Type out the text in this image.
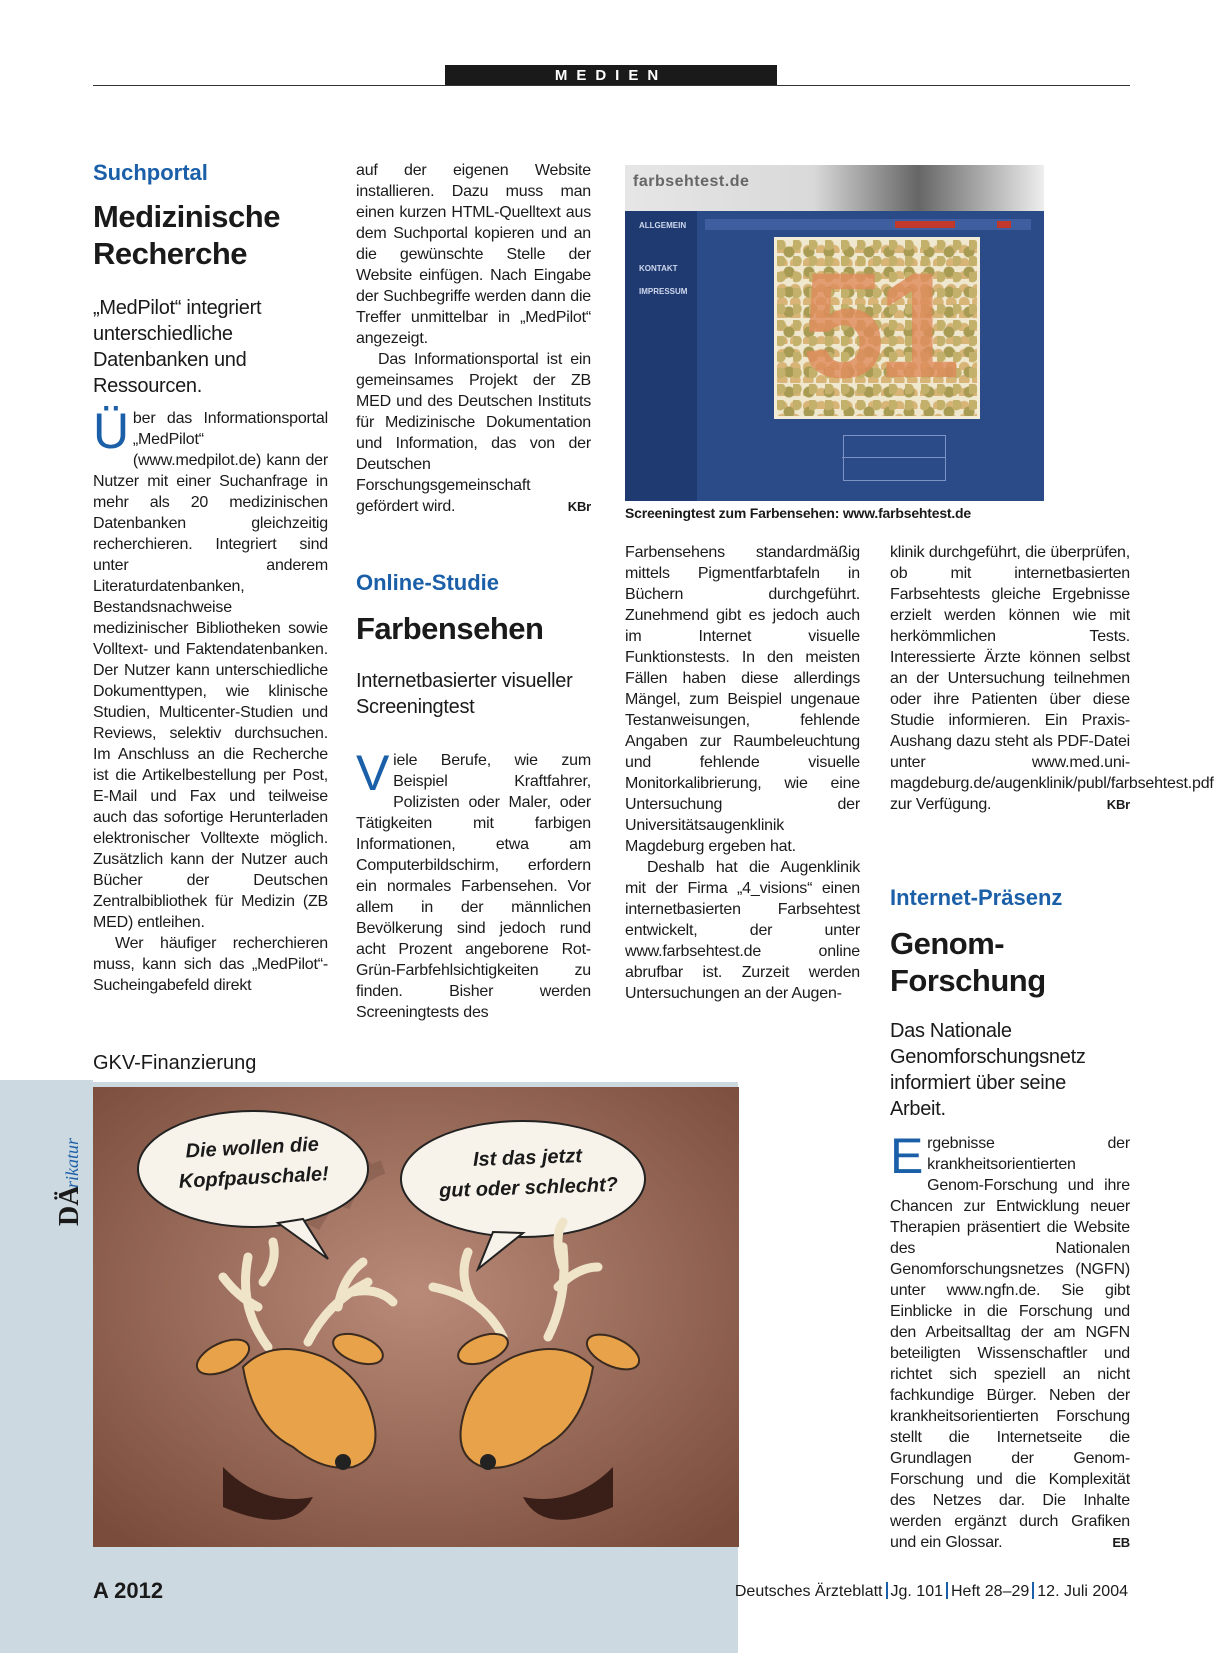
MEDIEN
Suchportal
Medizinische
Recherche
„MedPilot“ integriert unterschiedliche Datenbanken und Ressourcen.

Über das Informationsportal „MedPilot“ (www.medpilot.de) kann der Nutzer mit einer Suchanfrage in mehr als 20 medizinischen Datenbanken gleichzeitig recherchieren. Integriert sind unter anderem Literaturdatenbanken, Bestandsnachweise medizinischer Bibliotheken sowie Volltext- und Faktendatenbanken. Der Nutzer kann unterschiedliche Dokumenttypen, wie klinische Studien, Multicenter-Studien und Reviews, selektiv durchsuchen. Im Anschluss an die Recherche ist die Artikelbestellung per Post, E-Mail und Fax und teilweise auch das sofortige Herunterladen elektronischer Volltexte möglich. Zusätzlich kann der Nutzer auch Bücher der Deutschen Zentralbibliothek für Medizin (ZB MED) entleihen.

Wer häufiger recherchieren muss, kann sich das „MedPilot“-Sucheingabefeld direkt

auf der eigenen Website installieren. Dazu muss man einen kurzen HTML-Quelltext aus dem Suchportal kopieren und an die gewünschte Stelle der Website einfügen. Nach Eingabe der Suchbegriffe werden dann die Treffer unmittelbar in „MedPilot“ angezeigt.

Das Informationsportal ist ein gemeinsames Projekt der ZB MED und des Deutschen Instituts für Medizinische Dokumentation und Information, das von der Deutschen Forschungsgemeinschaft gefördert wird.	KBr

Online-Studie
Farbensehen
Internetbasierter visueller Screeningtest

Viele Berufe, wie zum Beispiel Kraftfahrer, Polizisten oder Maler, oder Tätigkeiten mit farbigen Informationen, etwa am Computerbildschirm, erfordern ein normales Farbensehen. Vor allem in der männlichen Bevölkerung sind jedoch rund acht Prozent angeborene Rot-Grün-Farbfehlsichtigkeiten zu finden. Bisher werden Screeningtests des

Farbensehens standardmäßig mittels Pigmentfarbtafeln in Büchern durchgeführt. Zunehmend gibt es jedoch auch im Internet visuelle Funktionstests. In den meisten Fällen haben diese allerdings Mängel, zum Beispiel ungenaue Testanweisungen, fehlende Angaben zur Raumbeleuchtung und fehlende visuelle Monitorkalibrierung, wie eine Untersuchung der Universitätsaugenklinik Magdeburg ergeben hat.

Deshalb hat die Augenklinik mit der Firma „4_visions“ einen internetbasierten Farbsehtest entwickelt, der unter www.farbsehtest.de online abrufbar ist. Zurzeit werden Untersuchungen an der Augen-

klinik durchgeführt, die überprüfen, ob mit internetbasierten Farbsehtests gleiche Ergebnisse erzielt werden können wie mit herkömmlichen Tests. Interessierte Ärzte können selbst an der Untersuchung teilnehmen oder ihre Patienten über diese Studie informieren. Ein Praxis-Aushang dazu steht als PDF-Datei unter www.med.uni-magdeburg.de/augenklinik/publ/farbsehtest.pdf zur Verfügung.	KBr

farbsehtest.de
ALLGEMEIN
KONTAKT
IMPRESSUM 51
Screeningtest zum Farbensehen: www.farbsehtest.de
Internet-Präsenz
Genom-
Forschung
Das Nationale Genomforschungsnetz informiert über seine Arbeit.

Ergebnisse der krankheitsorientierten Genom-Forschung und ihre Chancen zur Entwicklung neuer Therapien präsentiert die Website des Nationalen Genomforschungsnetzes (NGFN) unter www.ngfn.de. Sie gibt Einblicke in die Forschung und den Arbeitsalltag der am NGFN beteiligten Wissenschaftler und richtet sich speziell an nicht fachkundige Bürger. Neben der krankheitsorientierten Forschung stellt die Internetseite die Grundlagen der Genom-Forschung und die Komplexität des Netzes dar. Die Inhalte werden ergänzt durch Grafiken und ein Glossar.	EB

GKV-Finanzierung
DÄ
rikatur	Die wollen die
Kopfpauschale!
Ist das jetzt
gut oder schlecht?
A 2012	Deutsches Ärzteblatt Jg. 101 Heft 28–29 12. Juli 2004
